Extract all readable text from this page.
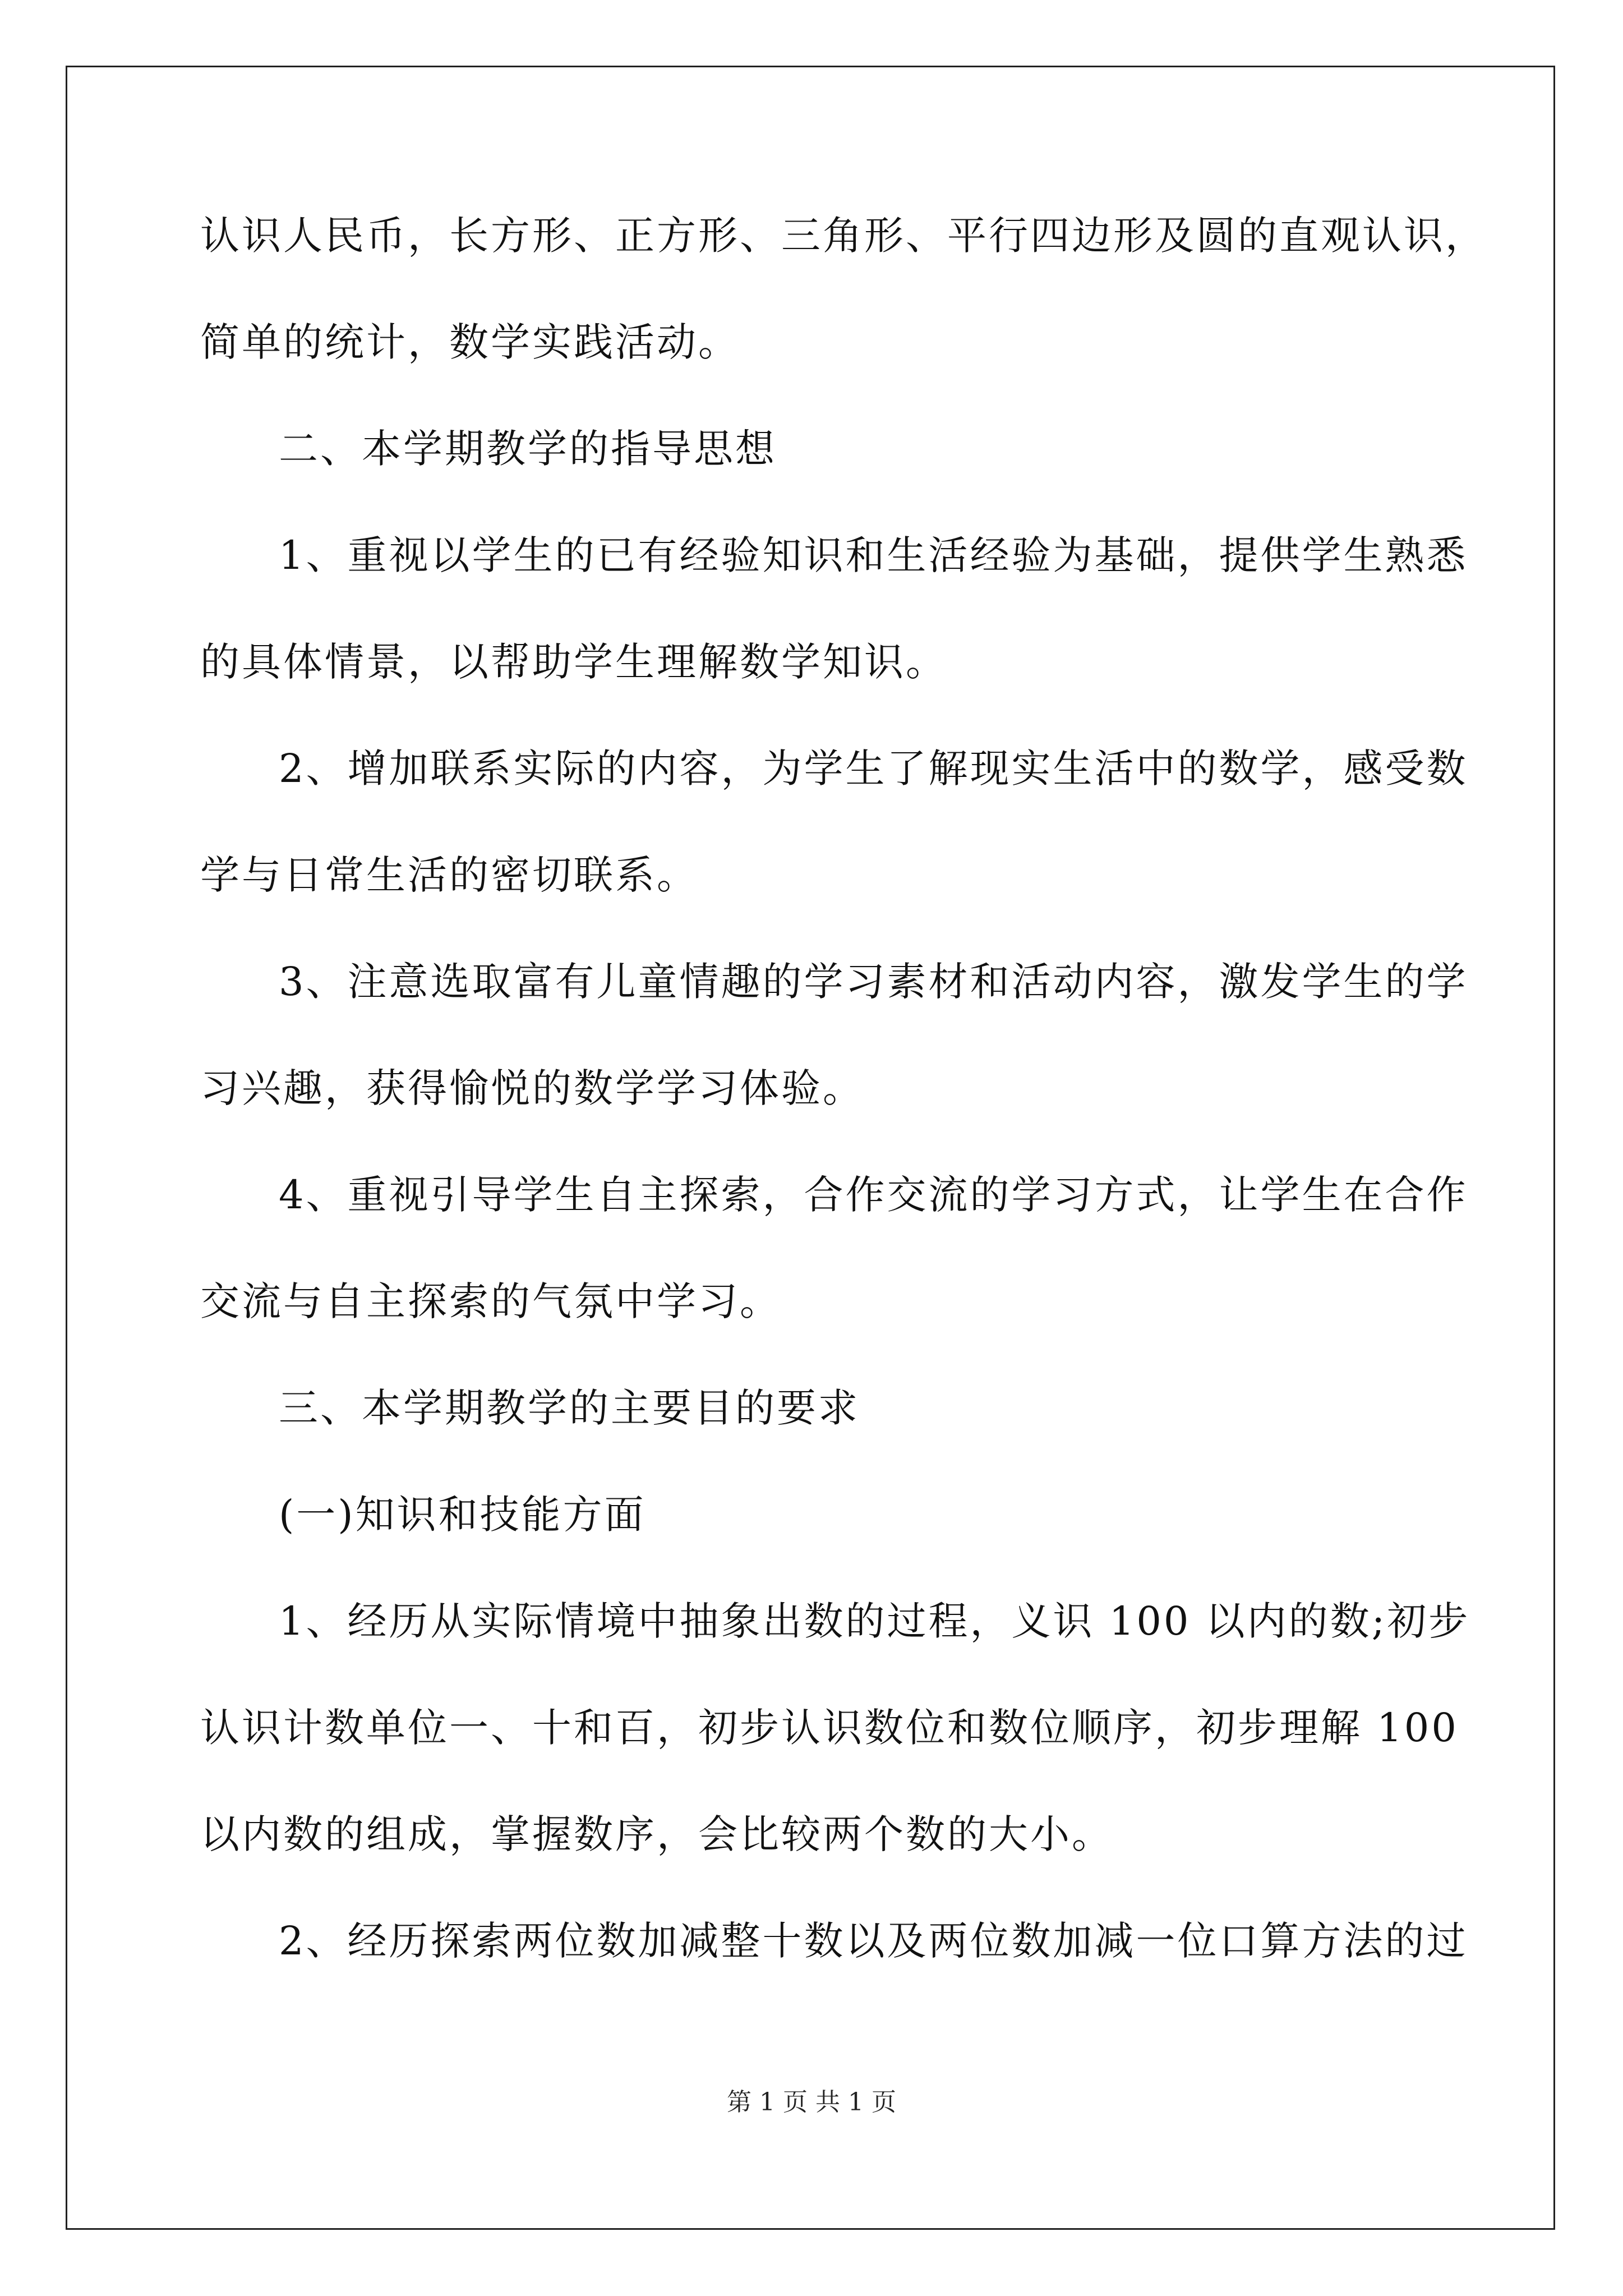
认识人民币，长方形、正方形、三角形、平行四边形及圆的直观认识，
简单的统计，数学实践活动。
二、本学期教学的指导思想
1、重视以学生的已有经验知识和生活经验为基础，提供学生熟悉
的具体情景，以帮助学生理解数学知识。
2、增加联系实际的内容，为学生了解现实生活中的数学，感受数
学与日常生活的密切联系。
3、注意选取富有儿童情趣的学习素材和活动内容，激发学生的学
习兴趣，获得愉悦的数学学习体验。
4、重视引导学生自主探索，合作交流的学习方式，让学生在合作
交流与自主探索的气氛中学习。
三、本学期教学的主要目的要求
(一)知识和技能方面
1、经历从实际情境中抽象出数的过程，义识 100 以内的数;初步
认识计数单位一、十和百，初步认识数位和数位顺序，初步理解 100
以内数的组成，掌握数序，会比较两个数的大小。
2、经历探索两位数加减整十数以及两位数加减一位口算方法的过
第 1 页 共 1 页
